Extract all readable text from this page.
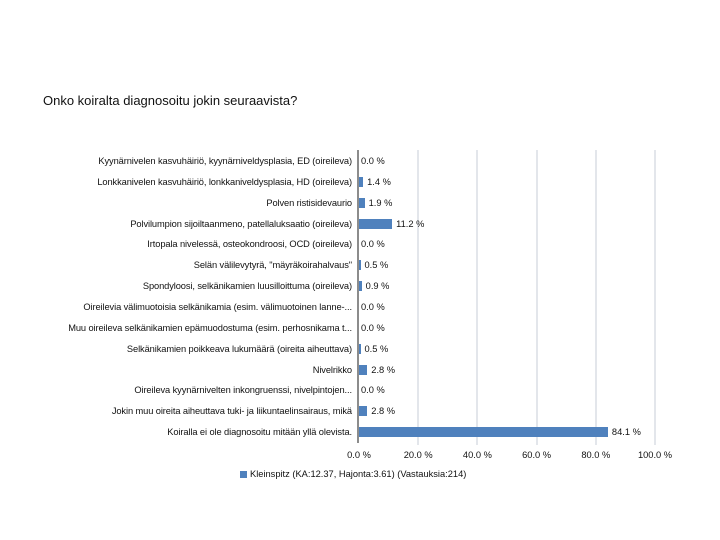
Onko koiralta diagnosoitu jokin seuraavista?
Kyynärnivelen kasvuhäiriö, kyynärniveldysplasia, ED (oireileva) 0.0 %
Lonkkanivelen kasvuhäiriö, lonkkaniveldysplasia, HD (oireileva) 1.4 %
Polven ristisidevaurio 1.9 %
Polvilumpion sijoiltaanmeno, patellaluksaatio (oireileva)	11.2 %
Irtopala nivelessä, osteokondroosi, OCD (oireileva) 0.0 %
Selän välilevytyrä, "mäyräkoirahalvaus" 0.5 %
Spondyloosi, selkänikamien luusilloittuma (oireileva) 0.9 %
Oireilevia välimuotoisia selkänikamia (esim. välimuotoinen lanne-... 0.0 %
Muu oireileva selkänikamien epämuodostuma (esim. perhosnikama t... 0.0 %
Selkänikamien poikkeava lukumäärä (oireita aiheuttava) 0.5 %
Nivelrikko 2.8 %
Oireileva kyynärnivelten inkongruenssi, nivelpintojen... 0.0 %
Jokin muu oireita aiheuttava tuki- ja liikuntaelinsairaus, mikä 2.8 %
Koiralla ei ole diagnosoitu mitään yllä olevista.	84.1 %
0.0 %	20.0 %	40.0 %	60.0 %	80.0 %	100.0 %
Kleinspitz (KA:12.37, Hajonta:3.61) (Vastauksia:214)
